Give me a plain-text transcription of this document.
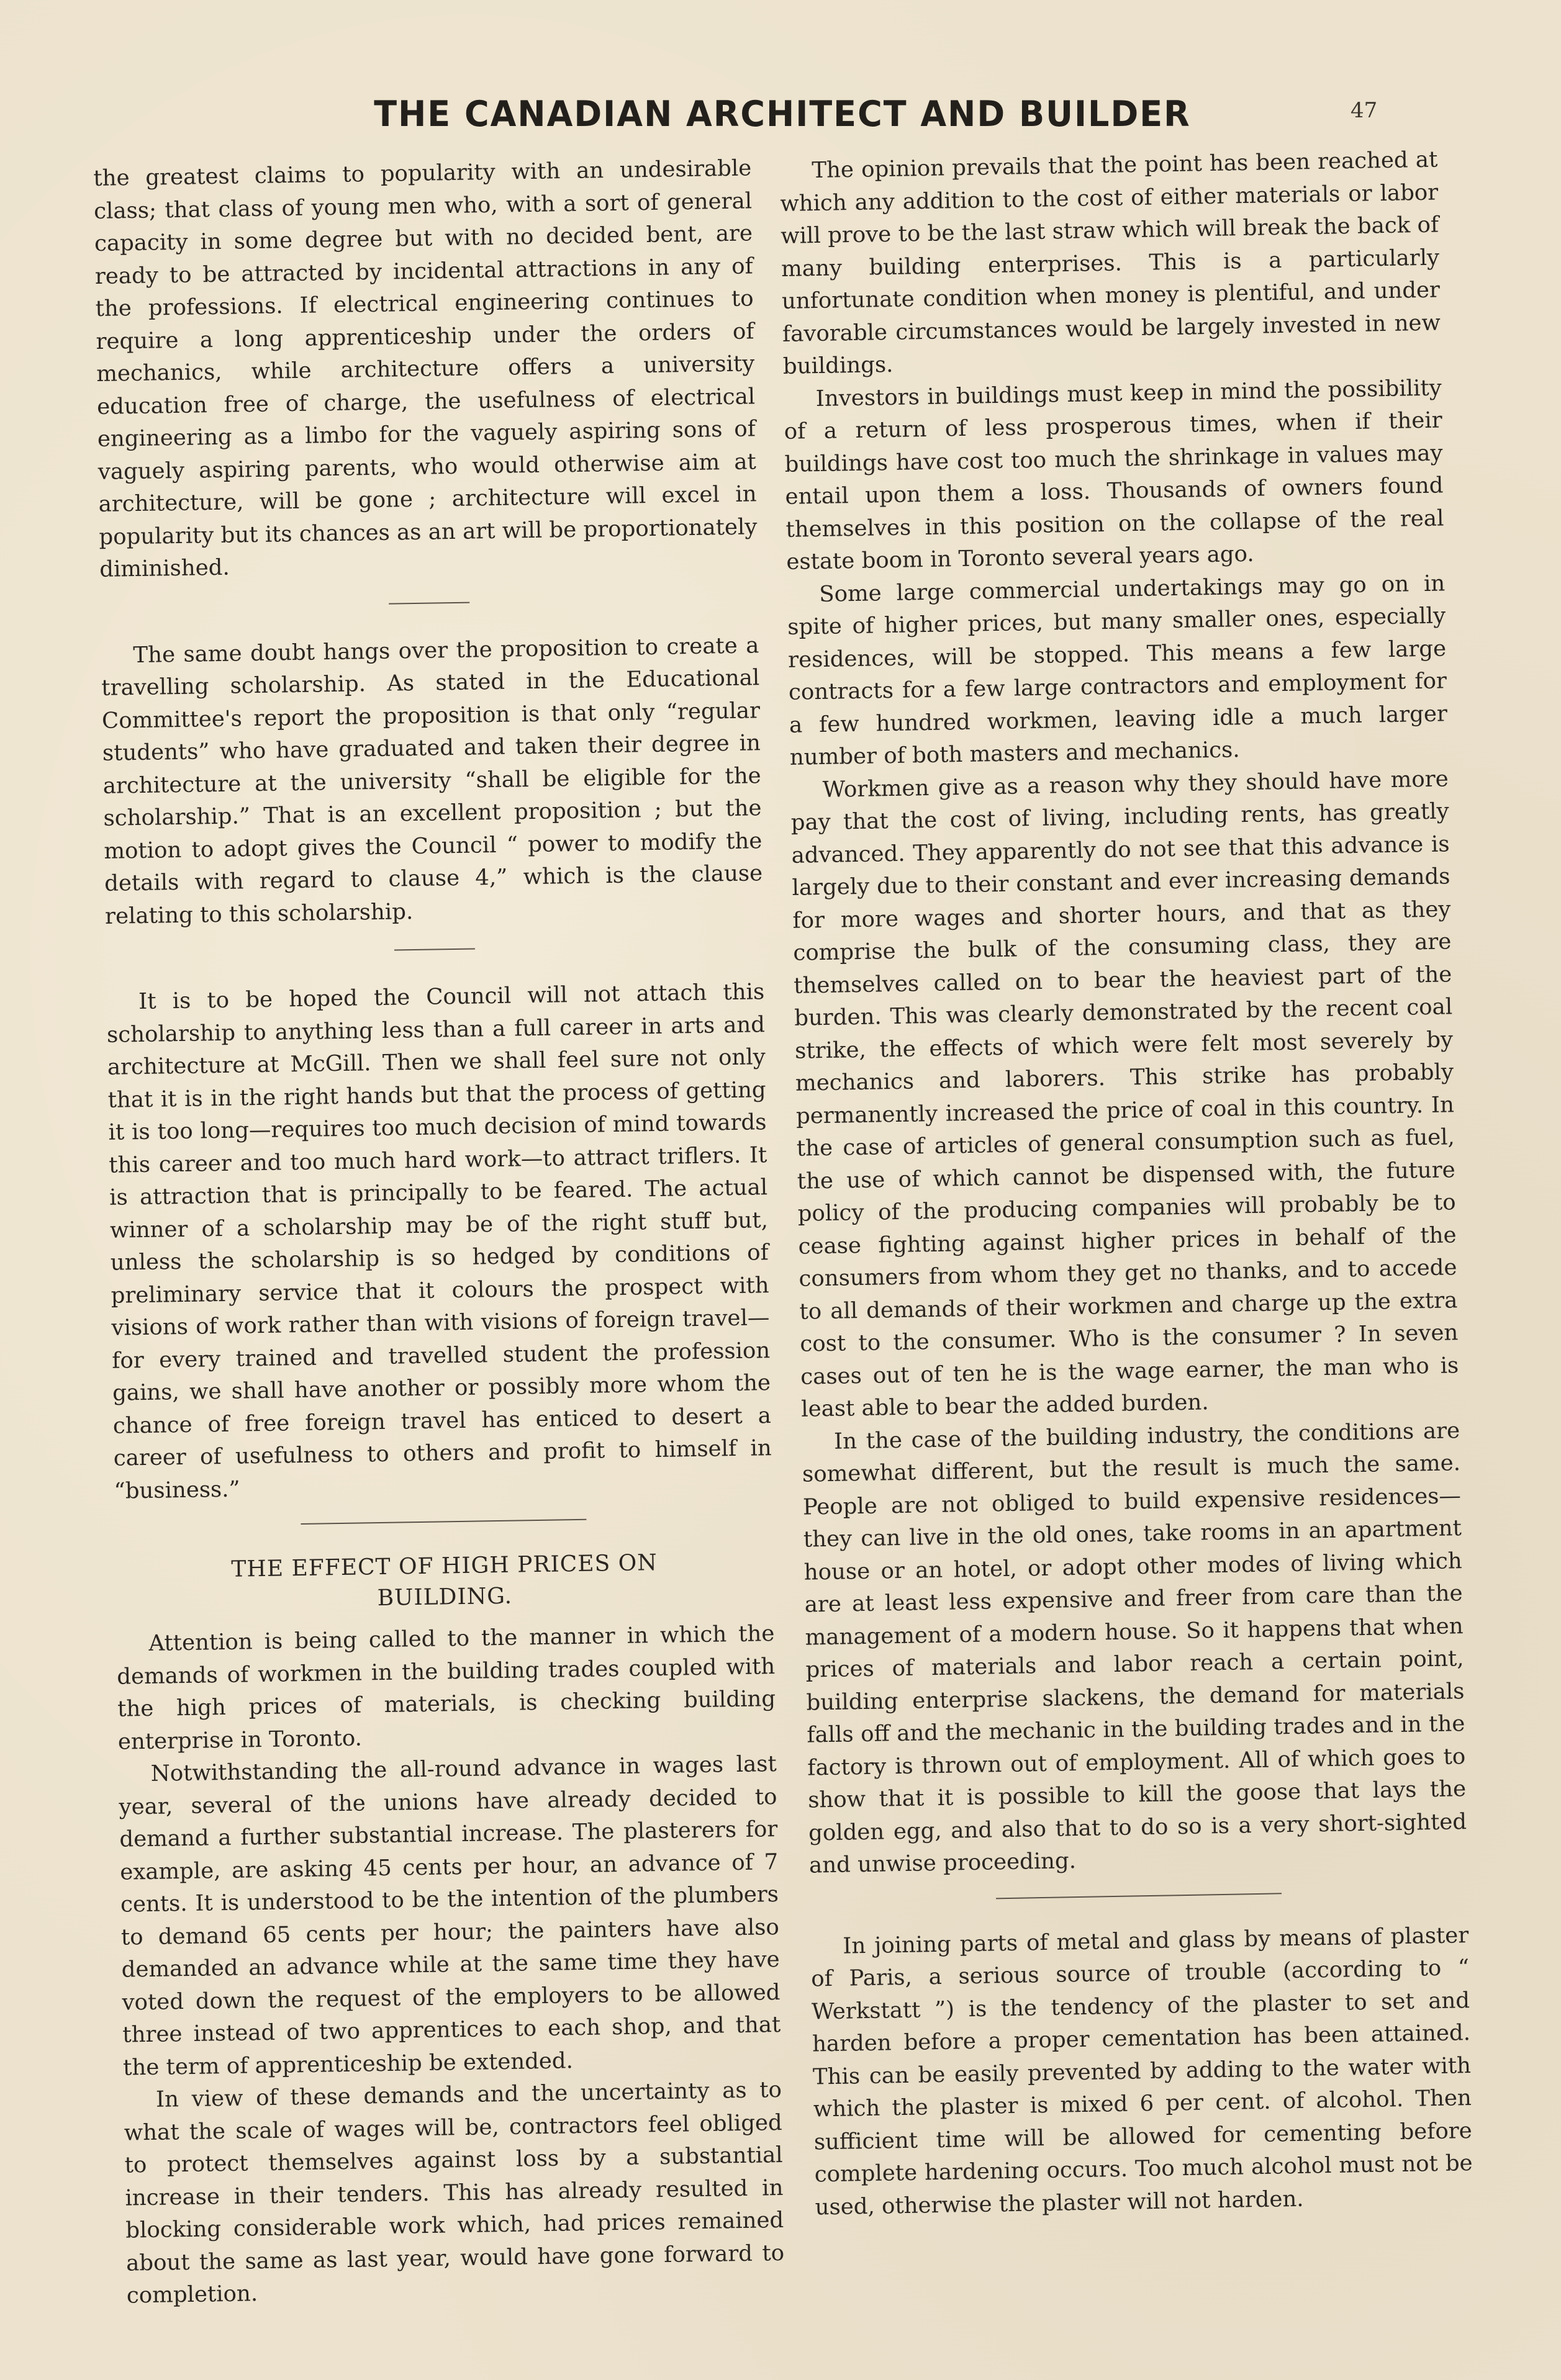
THE CANADIAN ARCHITECT AND BUILDER	47

the greatest claims to popularity with an undesirable class; that class of young men who, with a sort of general capacity in some degree but with no decided bent, are ready to be attracted by incidental attractions in any of the professions. If electrical engineering continues to require a long apprenticeship under the orders of mechanics, while architecture offers a university education free of charge, the usefulness of electrical engineering as a limbo for the vaguely aspiring sons of vaguely aspiring parents, who would otherwise aim at architecture, will be gone ; architecture will excel in popularity but its chances as an art will be proportionately diminished.

The same doubt hangs over the proposition to create a travelling scholarship. As stated in the Educational Committee's report the proposition is that only “regular students” who have graduated and taken their degree in architecture at the university “shall be eligible for the scholarship.” That is an excellent proposition ; but the motion to adopt gives the Council “ power to modify the details with regard to clause 4,” which is the clause relating to this scholarship.

It is to be hoped the Council will not attach this scholarship to anything less than a full career in arts and architecture at McGill. Then we shall feel sure not only that it is in the right hands but that the process of getting it is too long—requires too much decision of mind towards this career and too much hard work—to attract triflers. It is attraction that is principally to be feared. The actual winner of a scholarship may be of the right stuff but, unless the scholarship is so hedged by conditions of preliminary service that it colours the prospect with visions of work rather than with visions of foreign travel—for every trained and travelled student the profession gains, we shall have another or possibly more whom the chance of free foreign travel has enticed to desert a career of usefulness to others and profit to himself in “business.”

THE EFFECT OF HIGH PRICES ON
BUILDING.

Attention is being called to the manner in which the demands of workmen in the building trades coupled with the high prices of materials, is checking building enterprise in Toronto.

Notwithstanding the all-round advance in wages last year, several of the unions have already decided to demand a further substantial increase. The plasterers for example, are asking 45 cents per hour, an advance of 7 cents. It is understood to be the intention of the plumbers to demand 65 cents per hour; the painters have also demanded an advance while at the same time they have voted down the request of the employers to be allowed three instead of two apprentices to each shop, and that the term of apprenticeship be extended.

In view of these demands and the uncertainty as to what the scale of wages will be, contractors feel obliged to protect themselves against loss by a substantial increase in their tenders. This has already resulted in blocking considerable work which, had prices remained about the same as last year, would have gone forward to completion.

The opinion prevails that the point has been reached at which any addition to the cost of either materials or labor will prove to be the last straw which will break the back of many building enterprises. This is a particularly unfortunate condition when money is plentiful, and under favorable circumstances would be largely invested in new buildings.

Investors in buildings must keep in mind the possibility of a return of less prosperous times, when if their buildings have cost too much the shrinkage in values may entail upon them a loss. Thousands of owners found themselves in this position on the collapse of the real estate boom in Toronto several years ago.

Some large commercial undertakings may go on in spite of higher prices, but many smaller ones, especially residences, will be stopped. This means a few large contracts for a few large contractors and employment for a few hundred workmen, leaving idle a much larger number of both masters and mechanics.

Workmen give as a reason why they should have more pay that the cost of living, including rents, has greatly advanced. They apparently do not see that this advance is largely due to their constant and ever increasing demands for more wages and shorter hours, and that as they comprise the bulk of the consuming class, they are themselves called on to bear the heaviest part of the burden. This was clearly demonstrated by the recent coal strike, the effects of which were felt most severely by mechanics and laborers. This strike has probably permanently increased the price of coal in this country. In the case of articles of general consumption such as fuel, the use of which cannot be dispensed with, the future policy of the producing companies will probably be to cease fighting against higher prices in behalf of the consumers from whom they get no thanks, and to accede to all demands of their workmen and charge up the extra cost to the consumer. Who is the consumer ? In seven cases out of ten he is the wage earner, the man who is least able to bear the added burden.

In the case of the building industry, the conditions are somewhat different, but the result is much the same. People are not obliged to build expensive residences—they can live in the old ones, take rooms in an apartment house or an hotel, or adopt other modes of living which are at least less expensive and freer from care than the management of a modern house. So it happens that when prices of materials and labor reach a certain point, building enterprise slackens, the demand for materials falls off and the mechanic in the building trades and in the factory is thrown out of employment. All of which goes to show that it is possible to kill the goose that lays the golden egg, and also that to do so is a very short-sighted and unwise proceeding.

In joining parts of metal and glass by means of plaster of Paris, a serious source of trouble (according to “ Werkstatt ”) is the tendency of the plaster to set and harden before a proper cementation has been attained. This can be easily prevented by adding to the water with which the plaster is mixed 6 per cent. of alcohol. Then sufficient time will be allowed for cementing before complete hardening occurs. Too much alcohol must not be used, otherwise the plaster will not harden.
